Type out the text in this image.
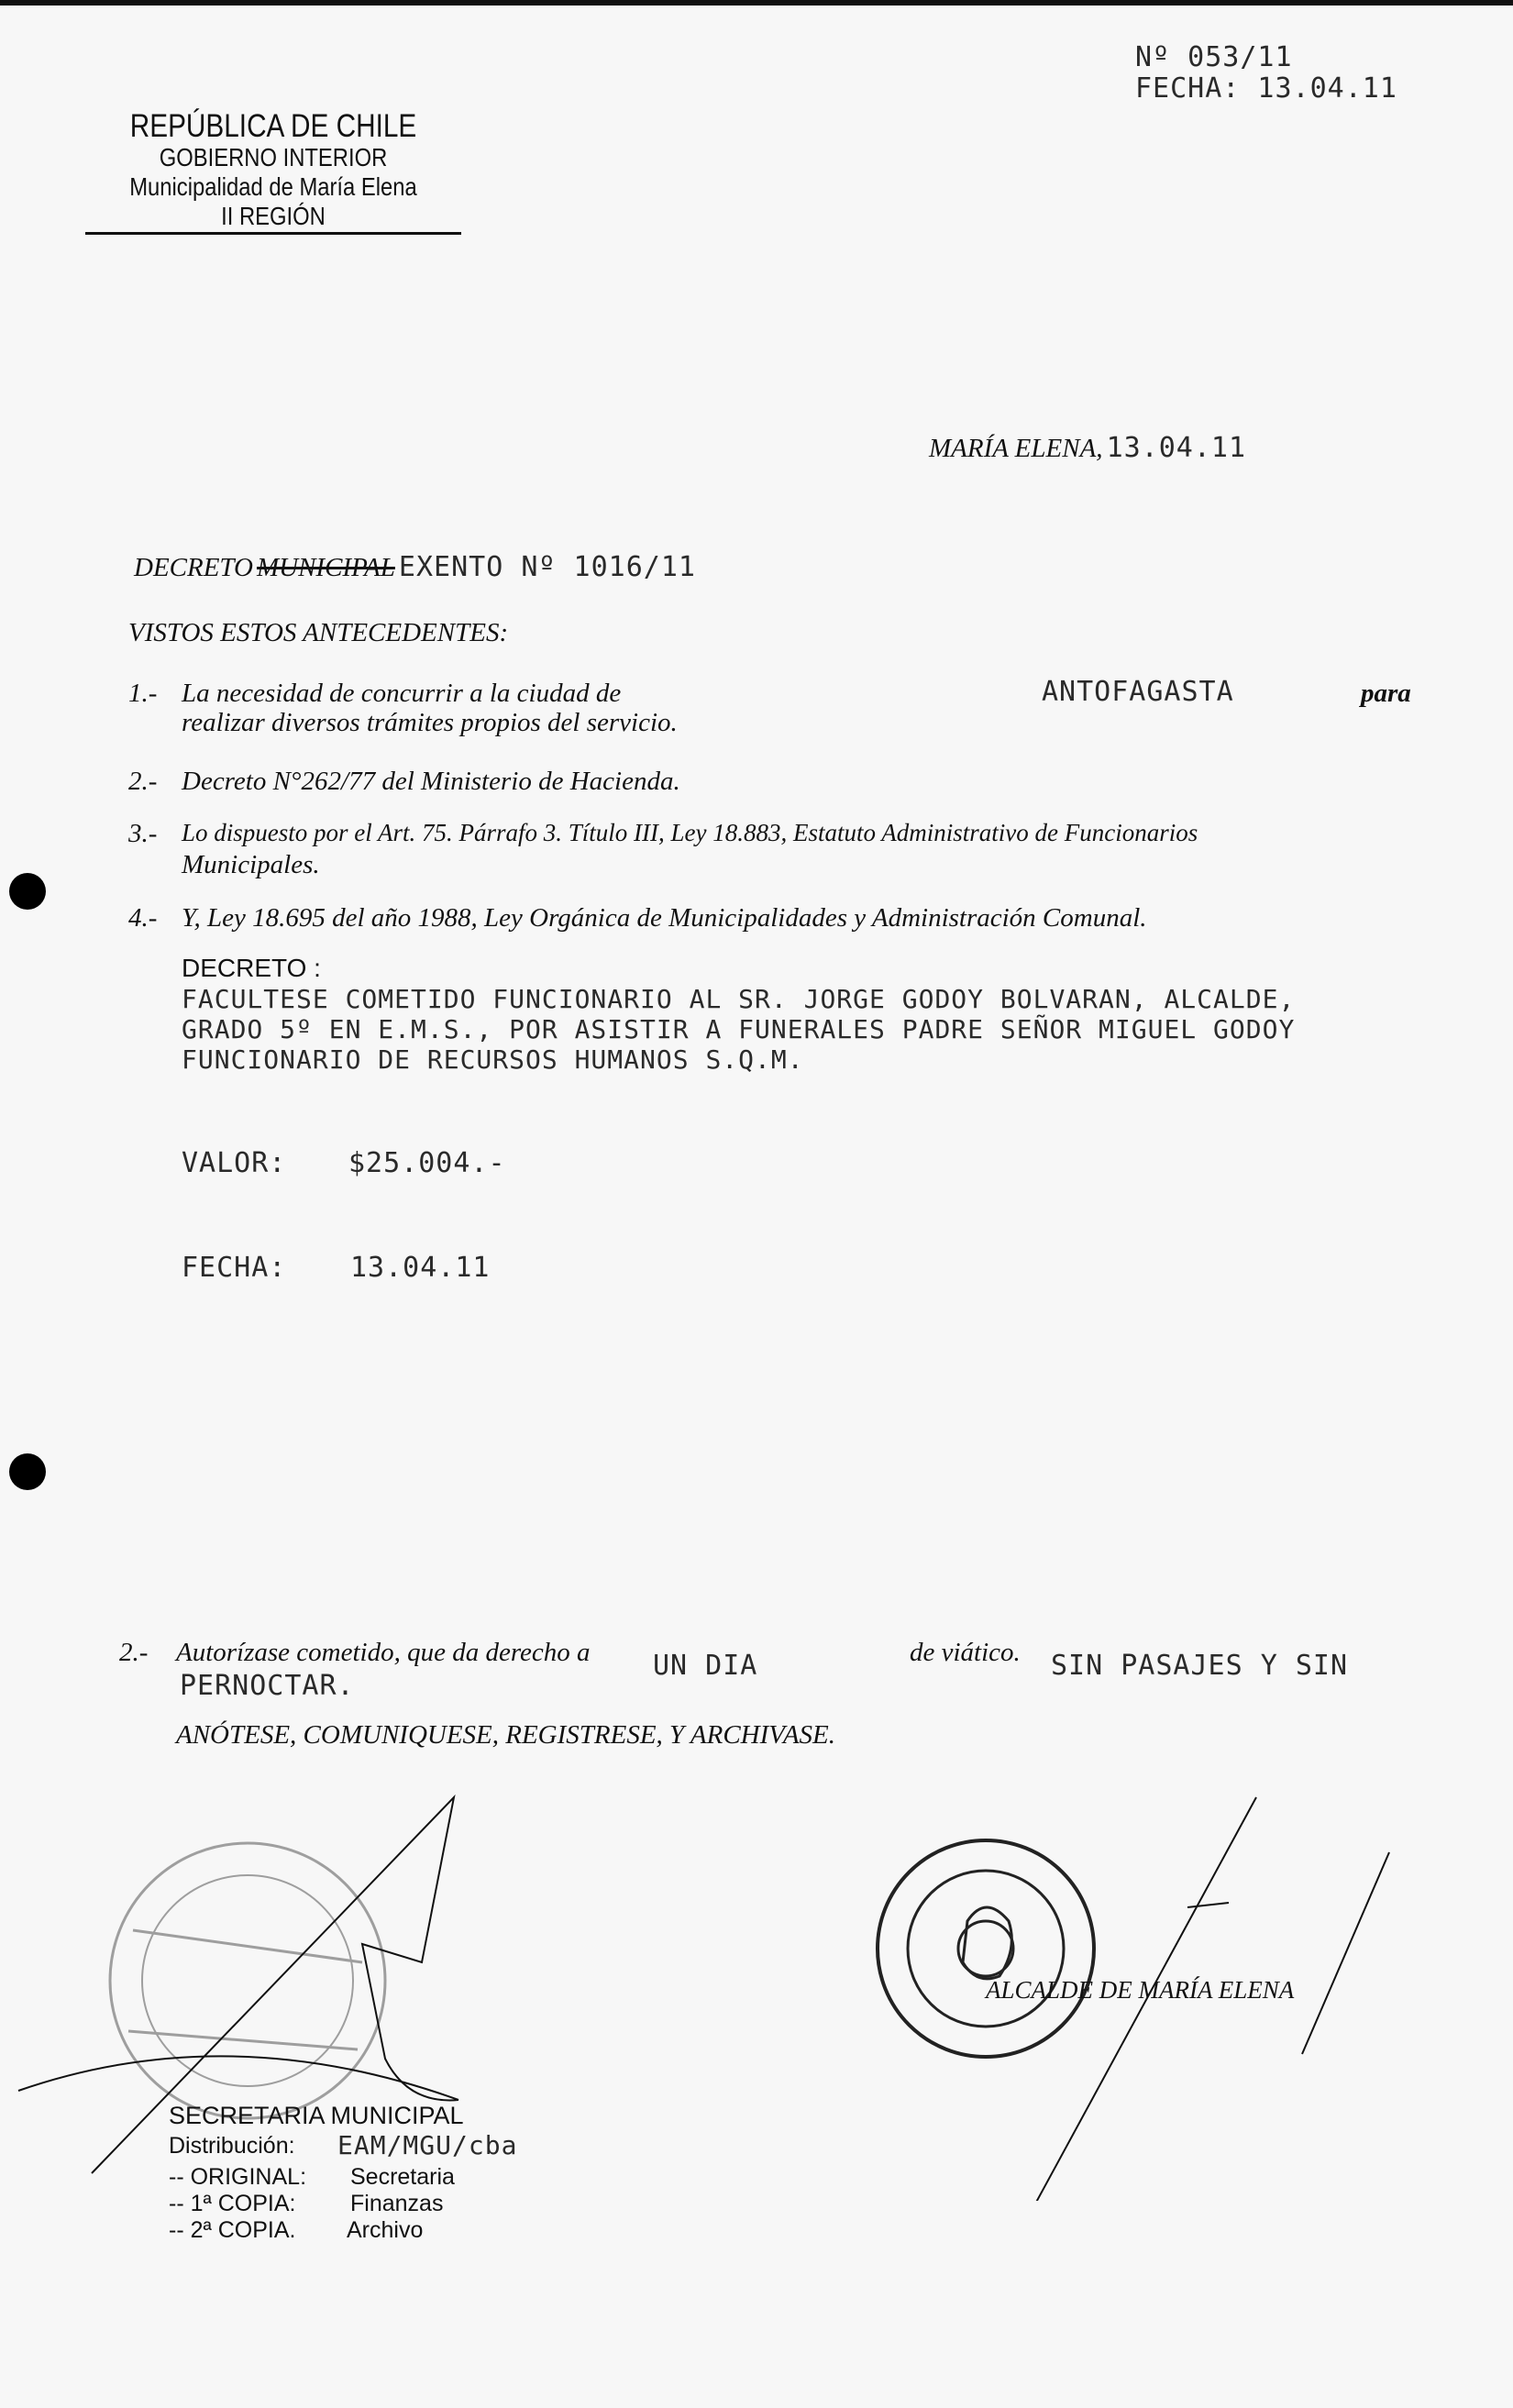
Nº 053/11
FECHA: 13.04.11
REPÚBLICA DE CHILE
GOBIERNO INTERIOR
Municipalidad de María Elena
II REGIÓN
MARÍA ELENA, 13.04.11
DECRETO MUNICIPAL EXENTO Nº 1016/11
VISTOS ESTOS ANTECEDENTES:
1.- La necesidad de concurrir a la ciudad de
realizar diversos trámites propios del servicio.
ANTOFAGASTA	para
2.- Decreto N°262/77 del Ministerio de Hacienda.
3.- Lo dispuesto por el Art. 75. Párrafo 3. Título III, Ley 18.883, Estatuto Administrativo de Funcionarios
Municipales.
4.- Y, Ley 18.695 del año 1988, Ley Orgánica de Municipalidades y Administración Comunal.
DECRETO :
FACULTESE COMETIDO FUNCIONARIO AL SR. JORGE GODOY BOLVARAN, ALCALDE,
GRADO 5º EN E.M.S., POR ASISTIR A FUNERALES PADRE SEÑOR MIGUEL GODOY
FUNCIONARIO DE RECURSOS HUMANOS S.Q.M.
VALOR: $25.004.-
FECHA: 13.04.11
2.- Autorízase cometido, que da derecho a UN DIA	de viático. SIN PASAJES Y SIN
PERNOCTAR.
ANÓTESE, COMUNIQUESE, REGISTRESE, Y ARCHIVASE.
ALCALDE DE MARÍA ELENA
SECRETARIA MUNICIPAL
Distribución: EAM/MGU/cba
-- ORIGINAL: Secretaria
-- 1ª COPIA: Finanzas
-- 2ª COPIA. Archivo
